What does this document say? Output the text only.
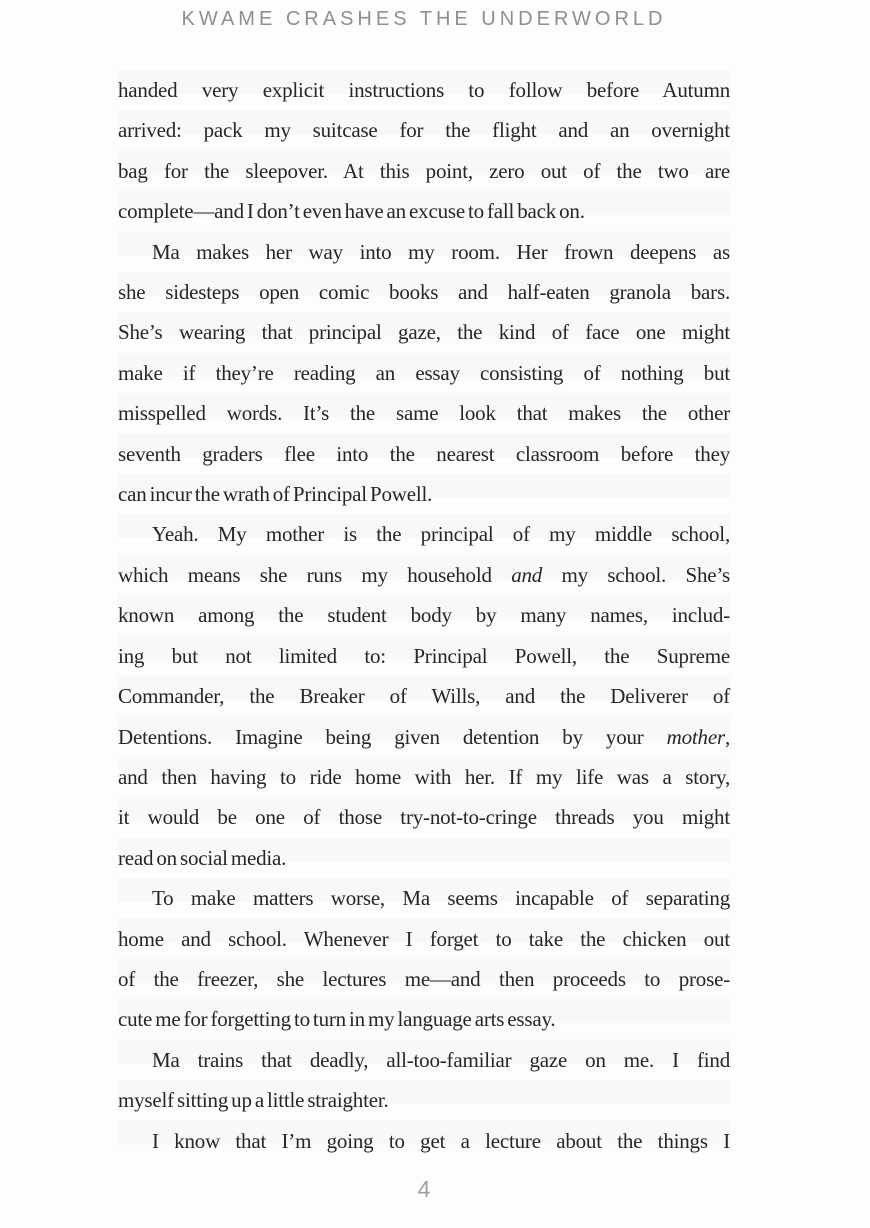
KWAME CRASHES THE UNDERWORLD
handed very explicit instructions to follow before Autumn
arrived: pack my suitcase for the flight and an overnight
bag for the sleepover. At this point, zero out of the two are
complete—and I don’t even have an excuse to fall back on.
Ma makes her way into my room. Her frown deepens as
she sidesteps open comic books and half-eaten granola bars.
She’s wearing that principal gaze, the kind of face one might
make if they’re reading an essay consisting of nothing but
misspelled words. It’s the same look that makes the other
seventh graders flee into the nearest classroom before they
can incur the wrath of Principal Powell.
Yeah. My mother is the principal of my middle school,
which means she runs my household and my school. She’s
known among the student body by many names, includ-
ing but not limited to: Principal Powell, the Supreme
Commander, the Breaker of Wills, and the Deliverer of
Detentions. Imagine being given detention by your mother,
and then having to ride home with her. If my life was a story,
it would be one of those try-not-to-cringe threads you might
read on social media.
To make matters worse, Ma seems incapable of separating
home and school. Whenever I forget to take the chicken out
of the freezer, she lectures me—and then proceeds to prose-
cute me for forgetting to turn in my language arts essay.
Ma trains that deadly, all-too-familiar gaze on me. I find
myself sitting up a little straighter.
I know that I’m going to get a lecture about the things I
4
